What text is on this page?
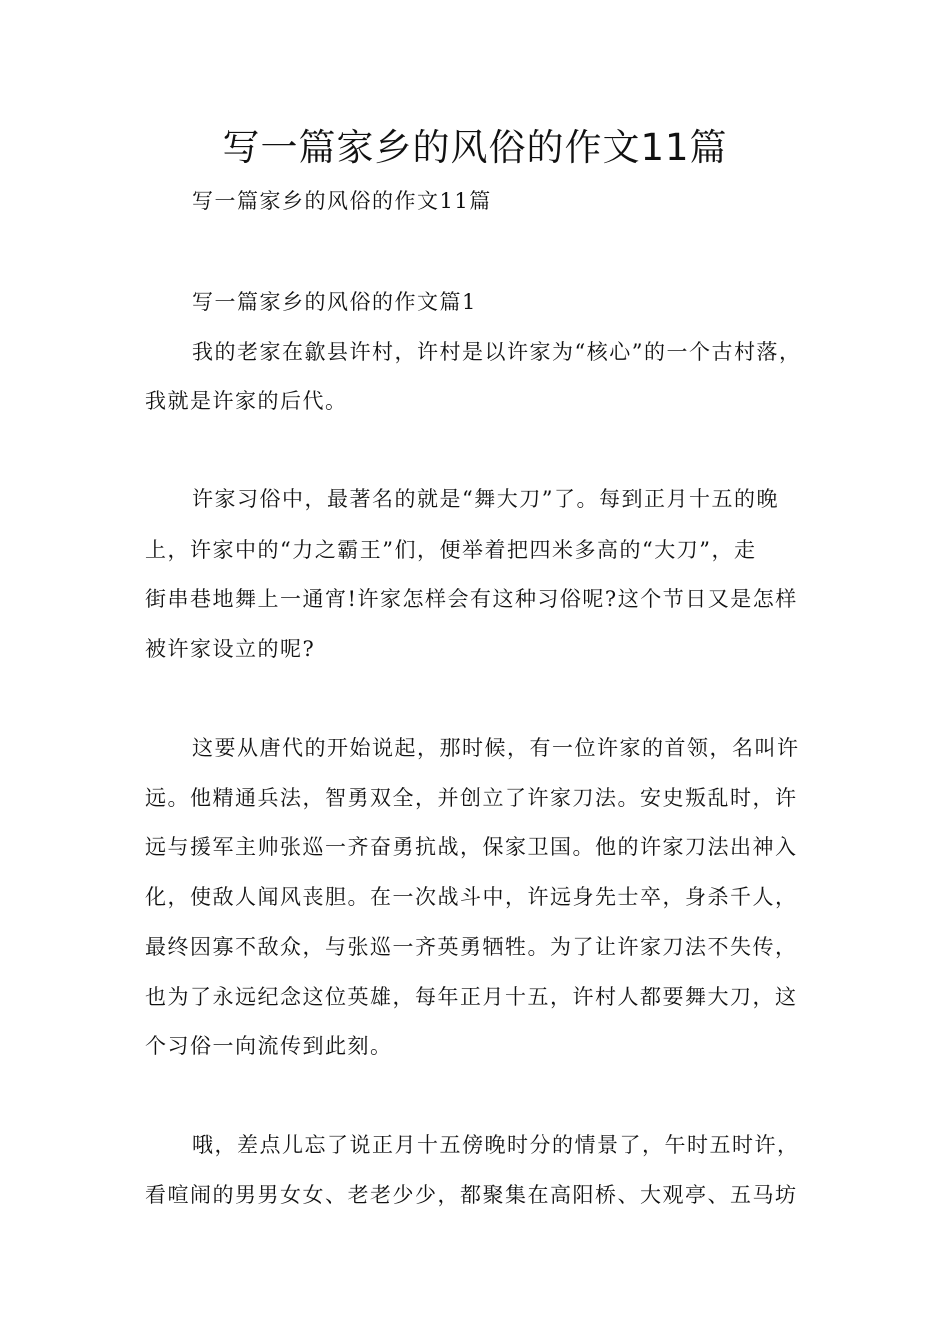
写一篇家乡的风俗的作文11篇

写一篇家乡的风俗的作文11篇

写一篇家乡的风俗的作文篇1

我的老家在歙县许村，许村是以许家为“核心”的一个古村落，

我就是许家的后代。

许家习俗中，最著名的就是“舞大刀”了。每到正月十五的晚

上，许家中的“力之霸王”们，便举着把四米多高的“大刀”，走

街串巷地舞上一通宵!许家怎样会有这种习俗呢?这个节日又是怎样

被许家设立的呢?

这要从唐代的开始说起，那时候，有一位许家的首领，名叫许

远。他精通兵法，智勇双全，并创立了许家刀法。安史叛乱时，许

远与援军主帅张巡一齐奋勇抗战，保家卫国。他的许家刀法出神入

化，使敌人闻风丧胆。在一次战斗中，许远身先士卒，身杀千人，

最终因寡不敌众，与张巡一齐英勇牺牲。为了让许家刀法不失传，

也为了永远纪念这位英雄，每年正月十五，许村人都要舞大刀，这

个习俗一向流传到此刻。

哦，差点儿忘了说正月十五傍晚时分的情景了，午时五时许，

看喧闹的男男女女、老老少少，都聚集在高阳桥、大观亭、五马坊
